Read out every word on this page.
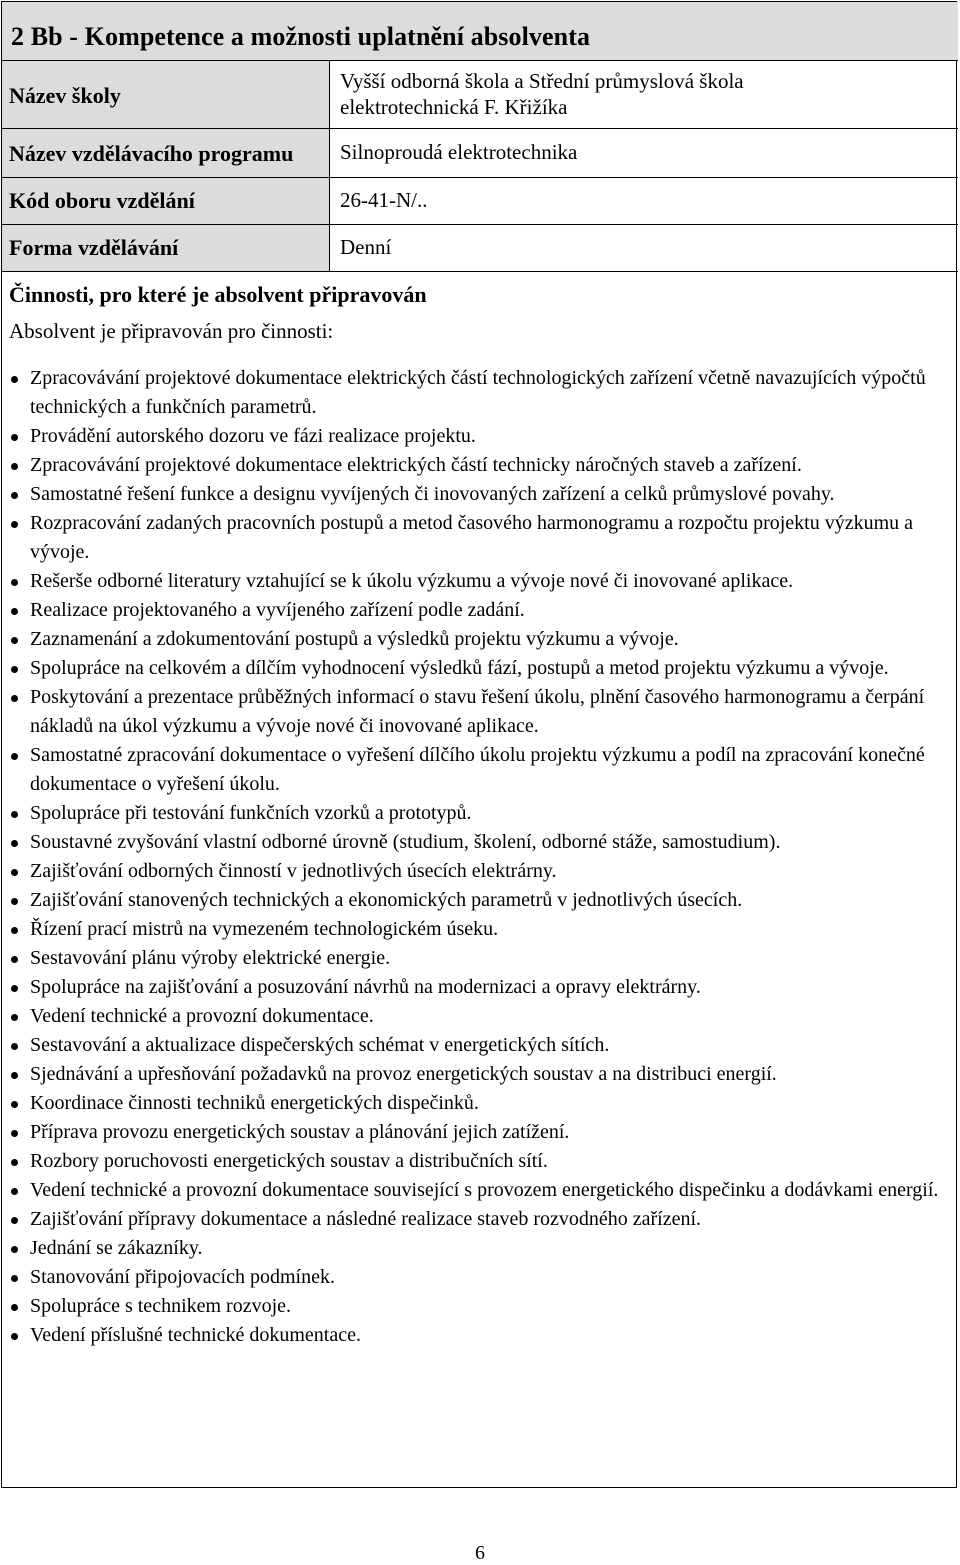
2 Bb - Kompetence a možnosti uplatnění absolventa
Název školy
Vyšší odborná škola a Střední průmyslová škola
elektrotechnická F. Křižíka
Název vzdělávacího programu Silnoproudá elektrotechnika
Kód oboru vzdělání	26-41-N/..
Forma vzdělávání	Denní
Činnosti, pro které je absolvent připravován
Absolvent je připravován pro činnosti:
Zpracovávání projektové dokumentace elektrických částí technologických zařízení včetně navazujících výpočtů technických a funkčních parametrů.
Provádění autorského dozoru ve fázi realizace projektu.
Zpracovávání projektové dokumentace elektrických částí technicky náročných staveb a zařízení.
Samostatné řešení funkce a designu vyvíjených či inovovaných zařízení a celků průmyslové povahy.
Rozpracování zadaných pracovních postupů a metod časového harmonogramu a rozpočtu projektu výzkumu a vývoje.
Rešerše odborné literatury vztahující se k úkolu výzkumu a vývoje nové či inovované aplikace.
Realizace projektovaného a vyvíjeného zařízení podle zadání.
Zaznamenání a zdokumentování postupů a výsledků projektu výzkumu a vývoje.
Spolupráce na celkovém a dílčím vyhodnocení výsledků fází, postupů a metod projektu výzkumu a vývoje.
Poskytování a prezentace průběžných informací o stavu řešení úkolu, plnění časového harmonogramu a čerpání nákladů na úkol výzkumu a vývoje nové či inovované aplikace.
Samostatné zpracování dokumentace o vyřešení dílčího úkolu projektu výzkumu a podíl na zpracování konečné dokumentace o vyřešení úkolu.
Spolupráce při testování funkčních vzorků a prototypů.
Soustavné zvyšování vlastní odborné úrovně (studium, školení, odborné stáže, samostudium).
Zajišťování odborných činností v jednotlivých úsecích elektrárny.
Zajišťování stanovených technických a ekonomických parametrů v jednotlivých úsecích.
Řízení prací mistrů na vymezeném technologickém úseku.
Sestavování plánu výroby elektrické energie.
Spolupráce na zajišťování a posuzování návrhů na modernizaci a opravy elektrárny.
Vedení technické a provozní dokumentace.
Sestavování a aktualizace dispečerských schémat v energetických sítích.
Sjednávání a upřesňování požadavků na provoz energetických soustav a na distribuci energií.
Koordinace činnosti techniků energetických dispečinků.
Příprava provozu energetických soustav a plánování jejich zatížení.
Rozbory poruchovosti energetických soustav a distribučních sítí.
Vedení technické a provozní dokumentace související s provozem energetického dispečinku a dodávkami energií.
Zajišťování přípravy dokumentace a následné realizace staveb rozvodného zařízení.
Jednání se zákazníky.
Stanovování připojovacích podmínek.
Spolupráce s technikem rozvoje.
Vedení příslušné technické dokumentace.
6
